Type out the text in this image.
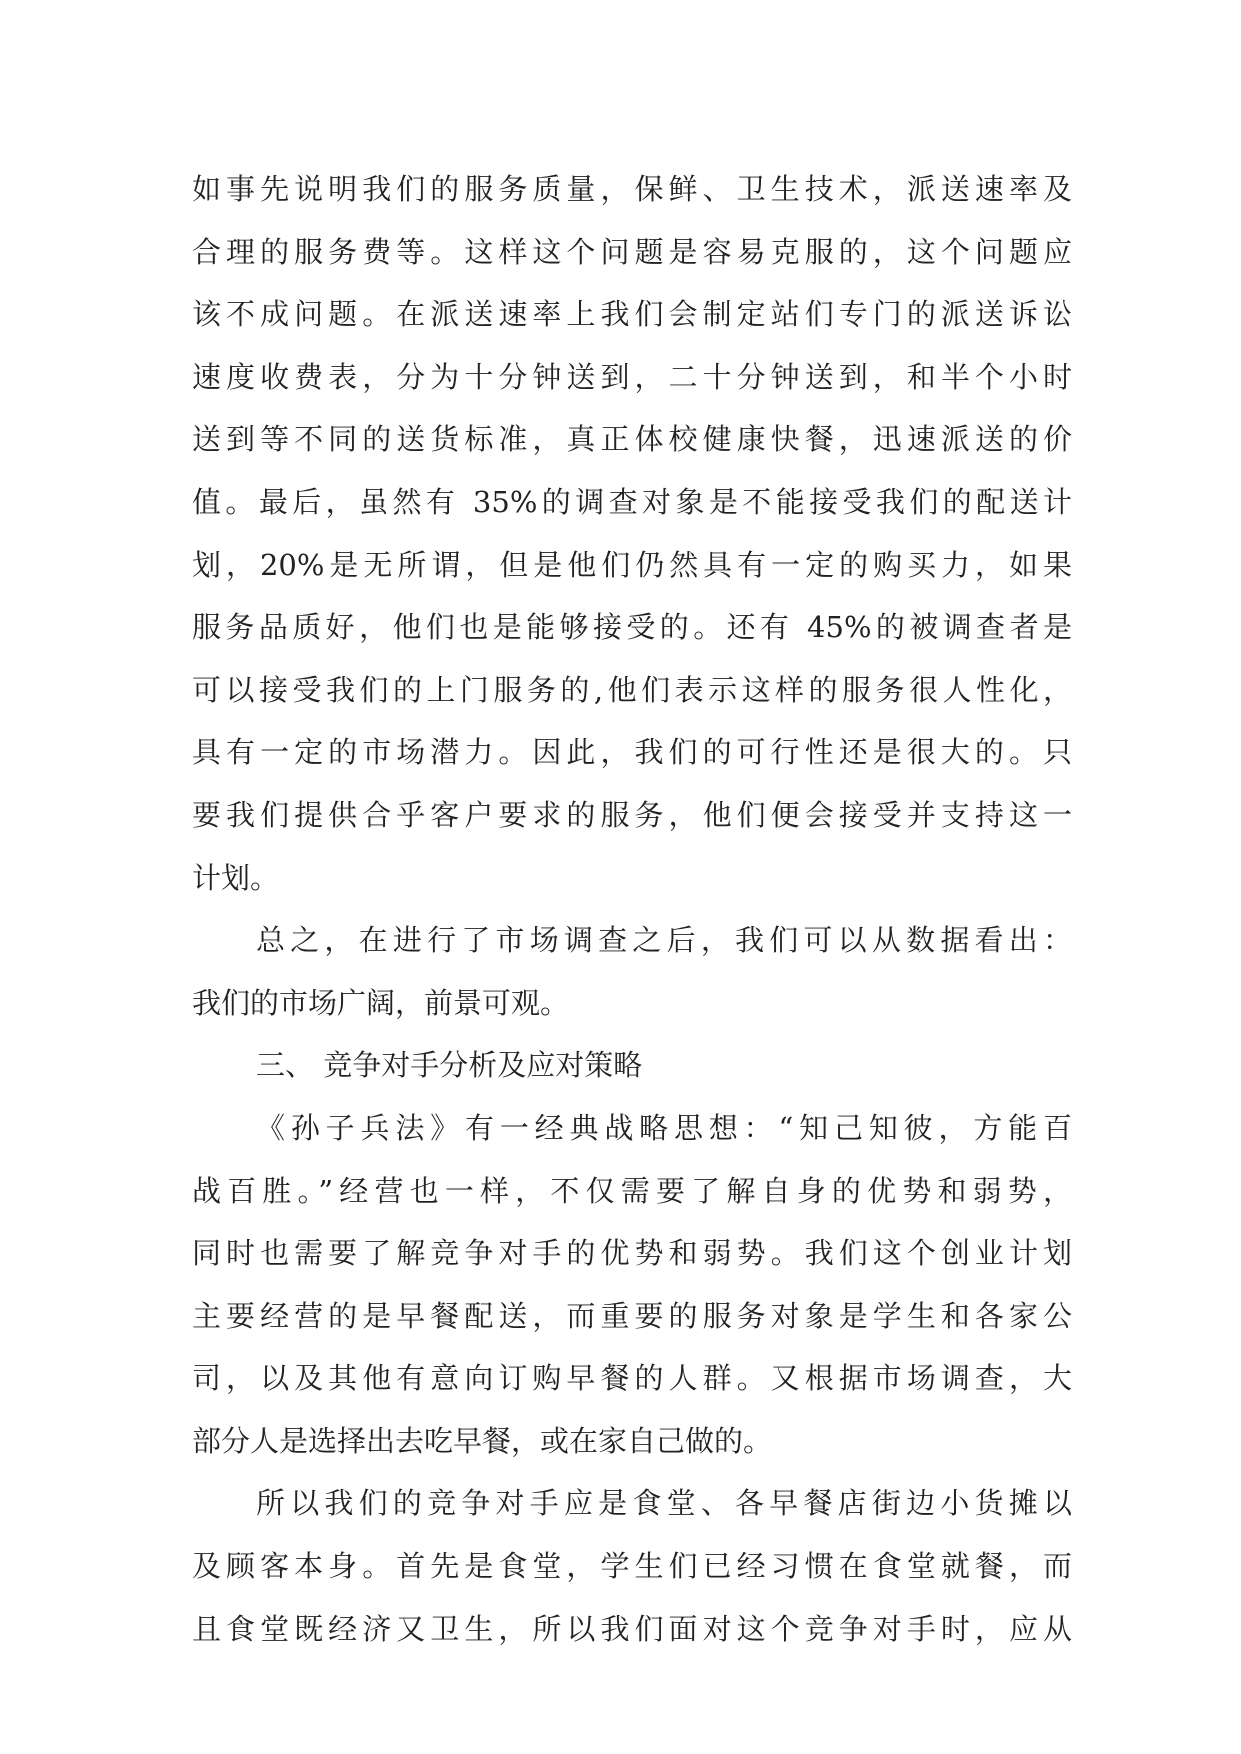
如事先说明我们的服务质量，保鲜、卫生技术，派送速率及
合理的服务费等。这样这个问题是容易克服的，这个问题应
该不成问题。在派送速率上我们会制定站们专门的派送诉讼
速度收费表，分为十分钟送到，二十分钟送到，和半个小时
送到等不同的送货标准，真正体校健康快餐，迅速派送的价
值。最后，虽然有 35%的调查对象是不能接受我们的配送计
划，20%是无所谓，但是他们仍然具有一定的购买力，如果
服务品质好，他们也是能够接受的。还有 45%的被调查者是
可以接受我们的上门服务的,他们表示这样的服务很人性化，
具有一定的市场潜力。因此，我们的可行性还是很大的。只
要我们提供合乎客户要求的服务，他们便会接受并支持这一
计划。
总之，在进行了市场调查之后，我们可以从数据看出：
我们的市场广阔，前景可观。
三、 竞争对手分析及应对策略
《孙子兵法》有一经典战略思想：“知己知彼，方能百
战百胜。”经营也一样，不仅需要了解自身的优势和弱势，
同时也需要了解竞争对手的优势和弱势。我们这个创业计划
主要经营的是早餐配送，而重要的服务对象是学生和各家公
司，以及其他有意向订购早餐的人群。又根据市场调查，大
部分人是选择出去吃早餐，或在家自己做的。
所以我们的竞争对手应是食堂、各早餐店街边小货摊以
及顾客本身。首先是食堂，学生们已经习惯在食堂就餐，而
且食堂既经济又卫生，所以我们面对这个竞争对手时，应从
